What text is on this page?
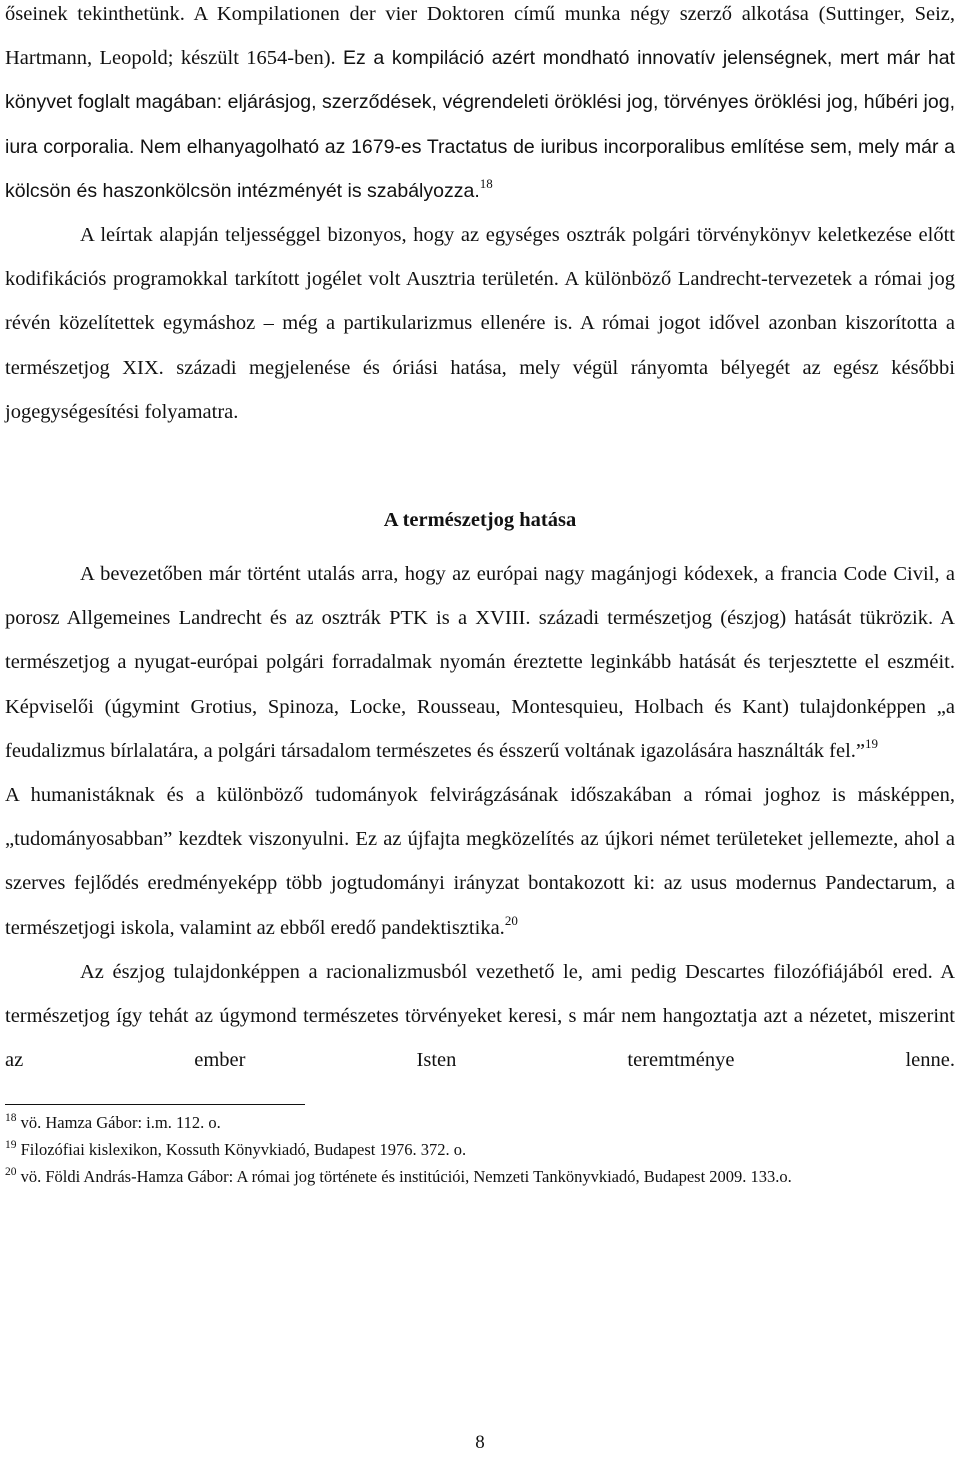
őseinek tekinthetünk. A Kompilationen der vier Doktoren című munka négy szerző alkotása (Suttinger, Seiz, Hartmann, Leopold; készült 1654-ben). Ez a kompiláció azért mondható innovatív jelenségnek, mert már hat könyvet foglalt magában: eljárásjog, szerződések, végrendeleti öröklési jog, törvényes öröklési jog, hűbéri jog, iura corporalia. Nem elhanyagolható az 1679-es Tractatus de iuribus incorporalibus említése sem, mely már a kölcsön és haszonkölcsön intézményét is szabályozza.$^{18}$

A leírtak alapján teljességgel bizonyos, hogy az egységes osztrák polgári törvénykönyv keletkezése előtt kodifikációs programokkal tarkított jogélet volt Ausztria területén. A különböző Landrecht-tervezetek a római jog révén közelítettek egymáshoz – még a partikularizmus ellenére is. A római jogot idővel azonban kiszorította a természetjog XIX. századi megjelenése és óriási hatása, mely végül rányomta bélyegét az egész későbbi jogegységesítési folyamatra.

A természetjog hatása

A bevezetőben már történt utalás arra, hogy az európai nagy magánjogi kódexek, a francia Code Civil, a porosz Allgemeines Landrecht és az osztrák PTK is a XVIII. századi természetjog (észjog) hatását tükrözik. A természetjog a nyugat-európai polgári forradalmak nyomán éreztette leginkább hatását és terjesztette el eszméit. Képviselői (úgymint Grotius, Spinoza, Locke, Rousseau, Montesquieu, Holbach és Kant) tulajdonképpen „a feudalizmus bírlalatára, a polgári társadalom természetes és ésszerű voltának igazolására használták fel.”$^{19}$

A humanistáknak és a különböző tudományok felvirágzásának időszakában a római joghoz is másképpen, „tudományosabban” kezdtek viszonyulni. Ez az újfajta megközelítés az újkori német területeket jellemezte, ahol a szerves fejlődés eredményeképp több jogtudományi irányzat bontakozott ki: az usus modernus Pandectarum, a természetjogi iskola, valamint az ebből eredő pandektisztika.$^{20}$

Az észjog tulajdonképpen a racionalizmusból vezethető le, ami pedig Descartes filozófiájából ered. A természetjog így tehát az úgymond természetes törvényeket keresi, s már nem hangoztatja azt a nézetet, miszerint az ember Isten teremtménye lenne.

$^{18}$ vö. Hamza Gábor: i.m. 112. o.

$^{19}$ Filozófiai kislexikon, Kossuth Könyvkiadó, Budapest 1976. 372. o.

$^{20}$ vö. Földi András-Hamza Gábor: A római jog története és institúciói, Nemzeti Tankönyvkiadó, Budapest 2009. 133.o.

8
